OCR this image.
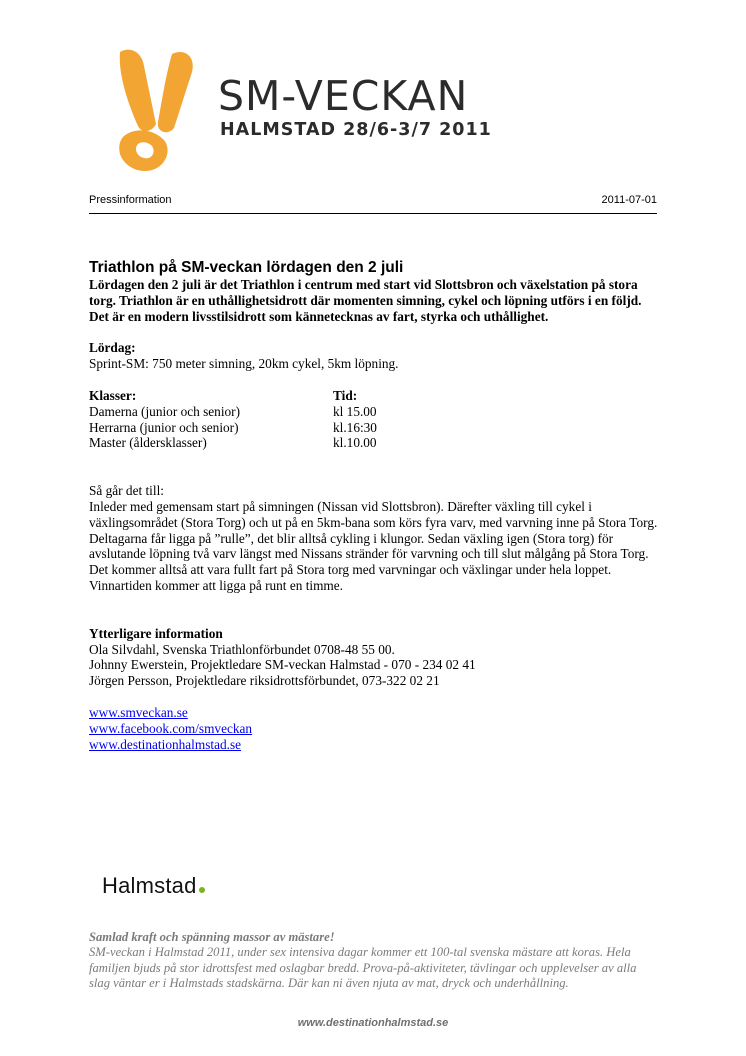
SM-VECKAN
HALMSTAD 28/6-3/7 2011
Pressinformation	2011-07-01
Triathlon på SM-veckan lördagen den 2 juli

Lördagen den 2 juli är det Triathlon i centrum med start vid Slottsbron och växelstation på stora torg. Triathlon är en uthållighetsidrott där momenten simning, cykel och löpning utförs i en följd. Det är en modern livsstilsidrott som kännetecknas av fart, styrka och uthållighet.

Lördag:

Sprint-SM: 750 meter simning, 20km cykel, 5km löpning.

Klasser:	Tid:
Damerna (junior och senior)	kl 15.00
Herrarna (junior och senior)	kl.16:30
Master (åldersklasser)	kl.10.00

Så går det till:

Inleder med gemensam start på simningen (Nissan vid Slottsbron). Därefter växling till cykel i växlingsområdet (Stora Torg) och ut på en 5km-bana som körs fyra varv, med varvning inne på Stora Torg. Deltagarna får ligga på ”rulle”, det blir alltså cykling i klungor. Sedan växling igen (Stora torg) för avslutande löpning två varv längst med Nissans stränder för varvning och till slut målgång på Stora Torg. Det kommer alltså att vara fullt fart på Stora torg med varvningar och växlingar under hela loppet. Vinnartiden kommer att ligga på runt en timme.

Ytterligare information

Ola Silvdahl, Svenska Triathlonförbundet 0708-48 55 00.

Johnny Ewerstein, Projektledare SM-veckan Halmstad - 070 - 234 02 41

Jörgen Persson, Projektledare riksidrottsförbundet, 073-322 02 21

www.smveckan.se
www.facebook.com/smveckan
www.destinationhalmstad.se
Halmstad

Samlad kraft och spänning massor av mästare!

SM-veckan i Halmstad 2011, under sex intensiva dagar kommer ett 100-tal svenska mästare att koras. Hela familjen bjuds på stor idrottsfest med oslagbar bredd. Prova-på-aktiviteter, tävlingar och upplevelser av alla slag väntar er i Halmstads stadskärna. Där kan ni även njuta av mat, dryck och underhållning.

www.destinationhalmstad.se
